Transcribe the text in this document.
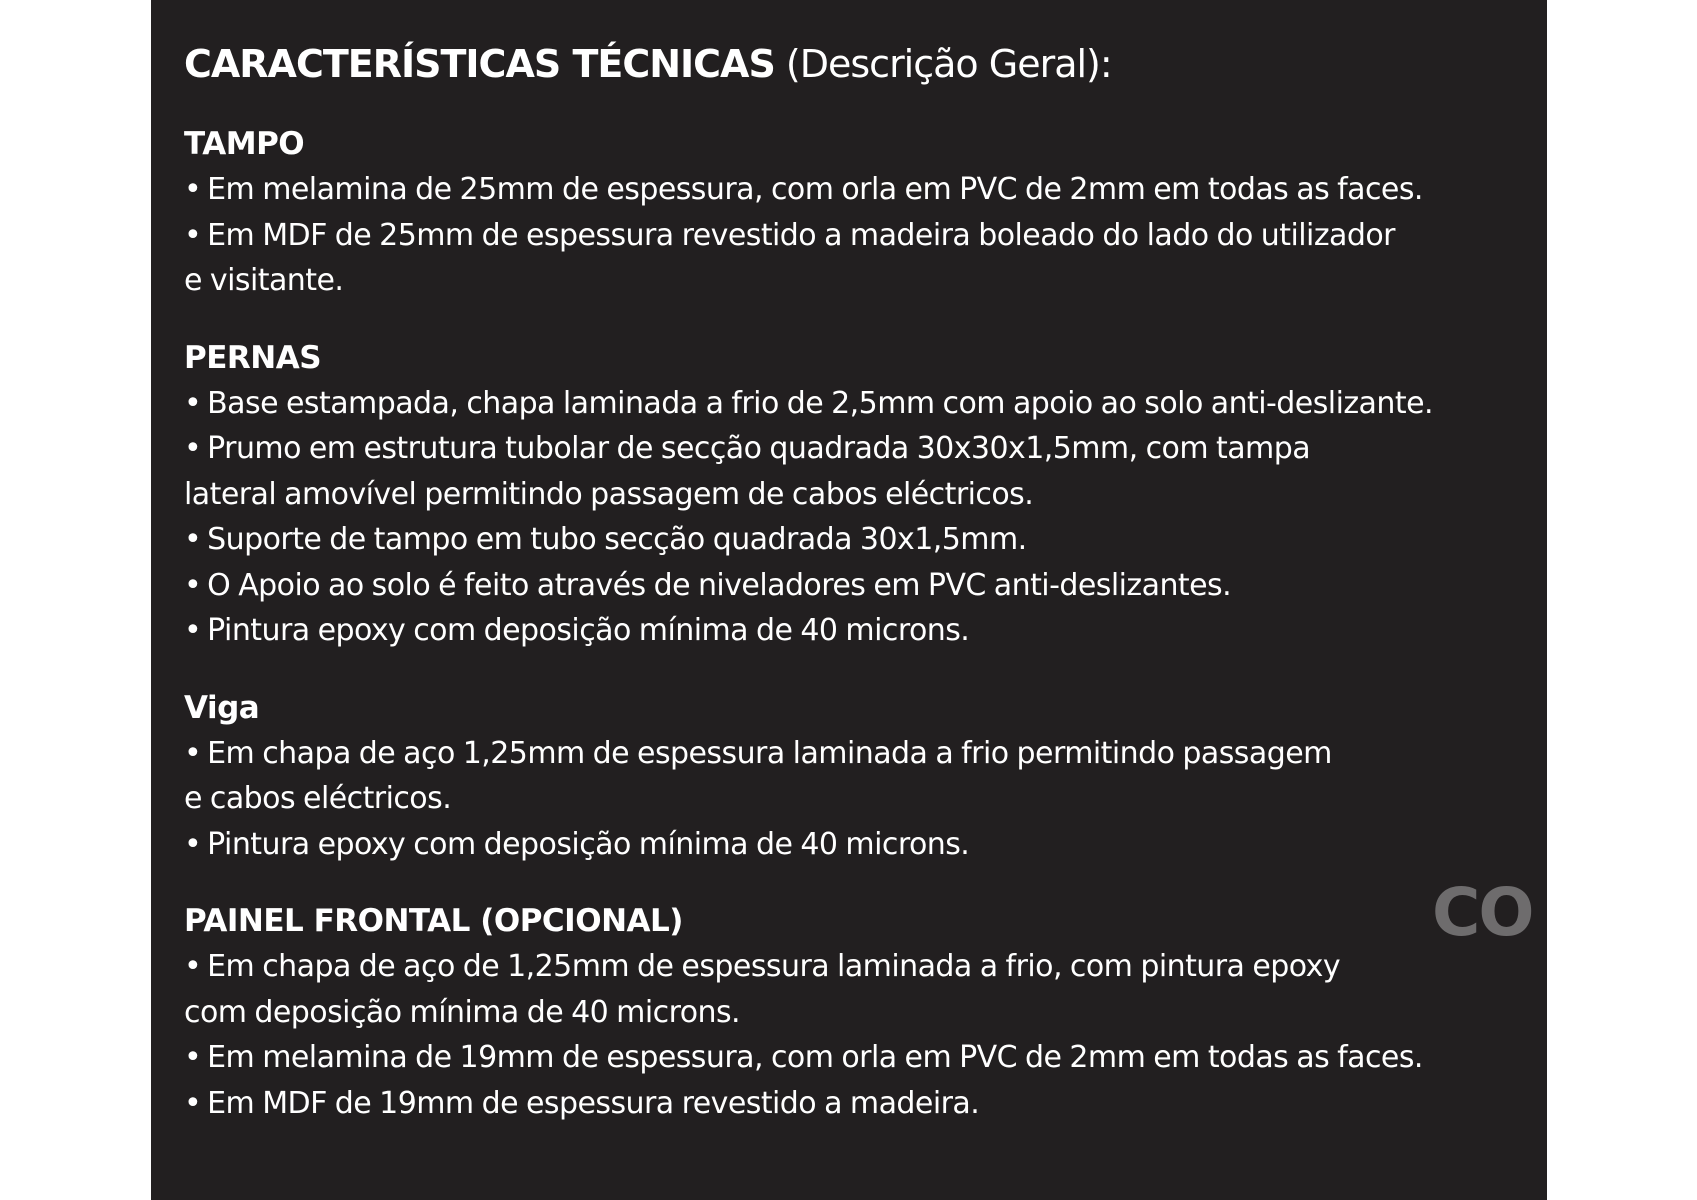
CARACTERÍSTICAS TÉCNICAS (Descrição Geral):
TAMPO

• Em melamina de 25mm de espessura, com orla em PVC de 2mm em todas as faces.

• Em MDF de 25mm de espessura revestido a madeira boleado do lado do utilizador e visitante.

PERNAS

• Base estampada, chapa laminada a frio de 2,5mm com apoio ao solo anti-deslizante.

• Prumo em estrutura tubolar de secção quadrada 30x30x1,5mm, com tampa lateral amovível permitindo passagem de cabos eléctricos.

• Suporte de tampo em tubo secção quadrada 30x1,5mm.

• O Apoio ao solo é feito através de niveladores em PVC anti-deslizantes.

• Pintura epoxy com deposição mínima de 40 microns.

Viga

• Em chapa de aço 1,25mm de espessura laminada a frio permitindo passagem e cabos eléctricos.

• Pintura epoxy com deposição mínima de 40 microns.

PAINEL FRONTAL (OPCIONAL)

• Em chapa de aço de 1,25mm de espessura laminada a frio, com pintura epoxy com deposição mínima de 40 microns.

• Em melamina de 19mm de espessura, com orla em PVC de 2mm em todas as faces.

• Em MDF de 19mm de espessura revestido a madeira.

CO
